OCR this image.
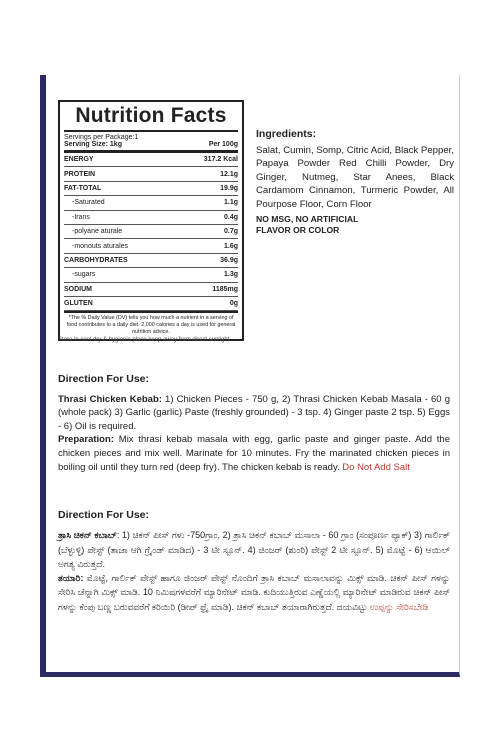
Nutrition Facts
Servings per Package:1
Serving Size: 1kg	Per 100g
ENERGY	317.2 Kcal
PROTEIN	12.1g
FAT-TOTAL	19.9g
-Saturated	1.1g
-Irans	0.4g
-polyane aturale	0.7g
-monouts aturales	1.6g
CARBOHYDRATES	36.9g
-sugars	1.3g
SODIUM	1185mg
GLUTEN	0g
*The % Daily Value (DV) tells you how much a nutrient in a serving of food contributes to a daily diet. 2,000 calories a day is used for general nutrition advice.
Store in cool dry & hygienic place keep away from direct sunlight
Ingredients:
Salat, Cumin, Somp, Citric Acid, Black Pepper, Papaya Powder Red Chilli Powder, Dry Ginger, Nutmeg, Star Anees, Black Cardamom Cinnamon, Turmeric Powder, All Pourpose Floor, Corn Floor
NO MSG, NO ARTIFICIAL FLAVOR OR COLOR
Direction For Use:
Thrasi Chicken Kebab: 1) Chicken Pieces - 750 g, 2) Thrasi Chicken Kebab Masala - 60 g (whole pack) 3) Garlic (garlic) Paste (freshly grounded) - 3 tsp. 4) Ginger paste 2 tsp. 5) Eggs - 6) Oil is required.
Preparation: Mix thrasi kebab masala with egg, garlic paste and ginger paste. Add the chicken pieces and mix well. Marinate for 10 minutes. Fry the marinated chicken pieces in boiling oil until they turn red (deep fry). The chicken kebab is ready. Do Not Add Salt
Direction For Use:
ತ್ರಾಸಿ ಚಿಕನ್ ಕಬಾಬ್: 1) ಚಿಕನ್ ಪೀಸ್ ಗಳು -750ಗ್ರಾಂ, 2) ತ್ರಾಸಿ ಚಿಕನ್ ಕಬಾಬ್ ಮಸಾಲಾ - 60 ಗ್ರಾಂ (ಸಂಪೂರ್ಣ ಪ್ಯಾಕ್) 3) ಗಾರ್ಲಿಕ್ (ಬೆಳ್ಳುಳ್ಳಿ) ಪೇಸ್ಟ್ (ತಾಜಾ ಆಗಿ ಗ್ರೈಂಡ್ ಮಾಡಿದ) - 3 ಟೀ ಸ್ಪೂನ್. 4) ಜಿಂಜರ್ (ಶುಂಠಿ) ಪೇಸ್ಟ್ 2 ಟೀ ಸ್ಪೂನ್. 5) ಮೊಟ್ಟೆ - 6) ಆಯಿಲ್ ಅಗತ್ಯ ವಿರುತ್ತದೆ.
ತಯಾರಿ: ಮೊಟ್ಟೆ, ಗಾರ್ಲಿಕ್ ಪೇಸ್ಟ್ ಹಾಗೂ ಜಿಂಜರ್ ಪೇಸ್ಟ್ ನೊಂದಿಗೆ ತ್ರಾಸಿ ಕಬಾಬ್ ಮಸಾಲಾವನ್ನು ಮಿಕ್ಸ್ ಮಾಡಿ. ಚಿಕನ್ ಪೀಸ್ ಗಳನ್ನು ಸೇರಿಸಿ ಚೆನ್ನಾಗಿ ಮಿಕ್ಸ್ ಮಾಡಿ. 10 ನಿಮಿಷಗಳವರೆಗೆ ಮ್ಯಾರಿನೇಟ್ ಮಾಡಿ. ಕುದಿಯುತ್ತಿರುವ ಎಣ್ಣೆಯಲ್ಲಿ ಮ್ಯಾರಿನೇಟ್ ಮಾಡಿರುವ ಚಿಕನ್ ಪೀಸ್ ಗಳನ್ನು ಕೆಂಪು ಬಣ್ಣ ಬರುವವರೆಗೆ ಕರಿಯಿರಿ (ಡೀಪ್ ಫ್ರೈ ಮಾಡಿ). ಚಿಕನ್ ಕಬಾಬ್ ತಯಾರಾಗಿರುತ್ತದೆ. ದಯವಿಟ್ಟು ಉಪ್ಪನ್ನು ಸೇರಿಸಬೇಡಿ
